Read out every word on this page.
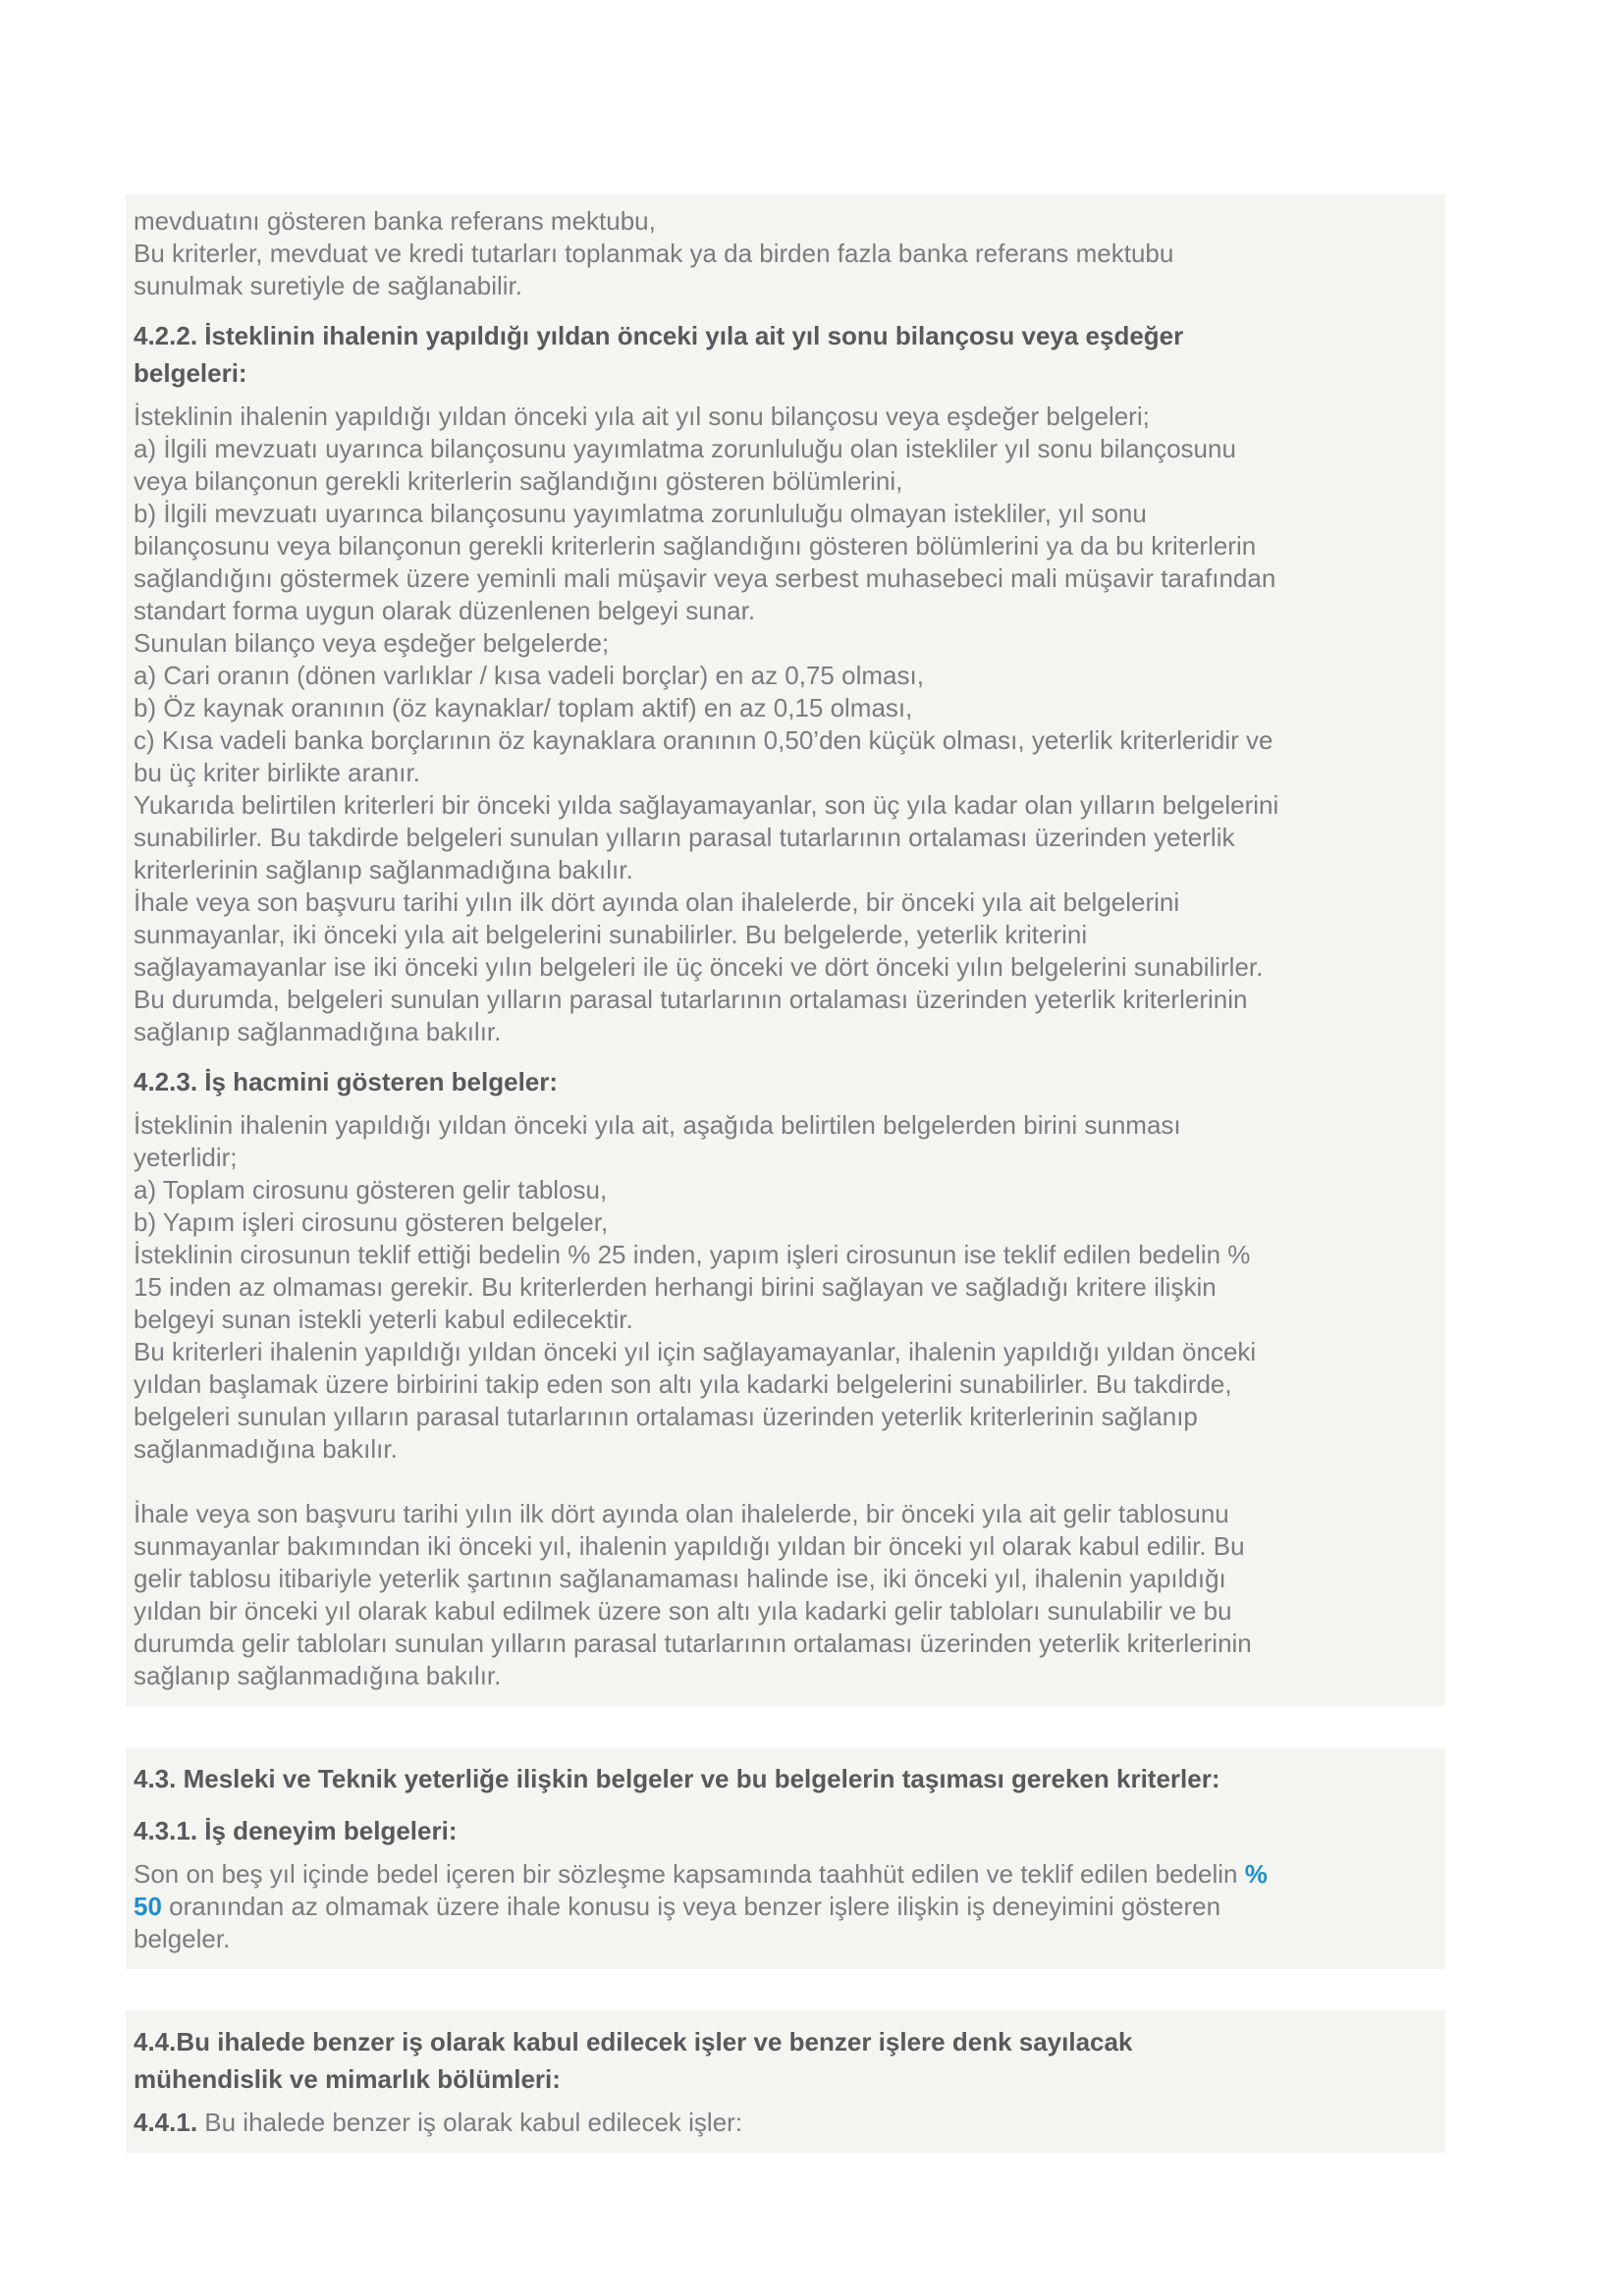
mevduatını gösteren banka referans mektubu,
Bu kriterler, mevduat ve kredi tutarları toplanmak ya da birden fazla banka referans mektubu
sunulmak suretiyle de sağlanabilir.
4.2.2. İsteklinin ihalenin yapıldığı yıldan önceki yıla ait yıl sonu bilançosu veya eşdeğer
belgeleri:
İsteklinin ihalenin yapıldığı yıldan önceki yıla ait yıl sonu bilançosu veya eşdeğer belgeleri;
a) İlgili mevzuatı uyarınca bilançosunu yayımlatma zorunluluğu olan istekliler yıl sonu bilançosunu
veya bilançonun gerekli kriterlerin sağlandığını gösteren bölümlerini,
b) İlgili mevzuatı uyarınca bilançosunu yayımlatma zorunluluğu olmayan istekliler, yıl sonu
bilançosunu veya bilançonun gerekli kriterlerin sağlandığını gösteren bölümlerini ya da bu kriterlerin
sağlandığını göstermek üzere yeminli mali müşavir veya serbest muhasebeci mali müşavir tarafından
standart forma uygun olarak düzenlenen belgeyi sunar.
Sunulan bilanço veya eşdeğer belgelerde;
a) Cari oranın (dönen varlıklar / kısa vadeli borçlar) en az 0,75 olması,
b) Öz kaynak oranının (öz kaynaklar/ toplam aktif) en az 0,15 olması,
c) Kısa vadeli banka borçlarının öz kaynaklara oranının 0,50’den küçük olması, yeterlik kriterleridir ve
bu üç kriter birlikte aranır.
Yukarıda belirtilen kriterleri bir önceki yılda sağlayamayanlar, son üç yıla kadar olan yılların belgelerini
sunabilirler. Bu takdirde belgeleri sunulan yılların parasal tutarlarının ortalaması üzerinden yeterlik
kriterlerinin sağlanıp sağlanmadığına bakılır.
İhale veya son başvuru tarihi yılın ilk dört ayında olan ihalelerde, bir önceki yıla ait belgelerini
sunmayanlar, iki önceki yıla ait belgelerini sunabilirler. Bu belgelerde, yeterlik kriterini
sağlayamayanlar ise iki önceki yılın belgeleri ile üç önceki ve dört önceki yılın belgelerini sunabilirler.
Bu durumda, belgeleri sunulan yılların parasal tutarlarının ortalaması üzerinden yeterlik kriterlerinin
sağlanıp sağlanmadığına bakılır.
4.2.3. İş hacmini gösteren belgeler:
İsteklinin ihalenin yapıldığı yıldan önceki yıla ait, aşağıda belirtilen belgelerden birini sunması
yeterlidir;
a) Toplam cirosunu gösteren gelir tablosu,
b) Yapım işleri cirosunu gösteren belgeler,
İsteklinin cirosunun teklif ettiği bedelin % 25 inden, yapım işleri cirosunun ise teklif edilen bedelin %
15 inden az olmaması gerekir. Bu kriterlerden herhangi birini sağlayan ve sağladığı kritere ilişkin
belgeyi sunan istekli yeterli kabul edilecektir.
Bu kriterleri ihalenin yapıldığı yıldan önceki yıl için sağlayamayanlar, ihalenin yapıldığı yıldan önceki
yıldan başlamak üzere birbirini takip eden son altı yıla kadarki belgelerini sunabilirler. Bu takdirde,
belgeleri sunulan yılların parasal tutarlarının ortalaması üzerinden yeterlik kriterlerinin sağlanıp
sağlanmadığına bakılır.
İhale veya son başvuru tarihi yılın ilk dört ayında olan ihalelerde, bir önceki yıla ait gelir tablosunu
sunmayanlar bakımından iki önceki yıl, ihalenin yapıldığı yıldan bir önceki yıl olarak kabul edilir. Bu
gelir tablosu itibariyle yeterlik şartının sağlanamaması halinde ise, iki önceki yıl, ihalenin yapıldığı
yıldan bir önceki yıl olarak kabul edilmek üzere son altı yıla kadarki gelir tabloları sunulabilir ve bu
durumda gelir tabloları sunulan yılların parasal tutarlarının ortalaması üzerinden yeterlik kriterlerinin
sağlanıp sağlanmadığına bakılır.
4.3. Mesleki ve Teknik yeterliğe ilişkin belgeler ve bu belgelerin taşıması gereken kriterler:
4.3.1. İş deneyim belgeleri:
Son on beş yıl içinde bedel içeren bir sözleşme kapsamında taahhüt edilen ve teklif edilen bedelin %
50 oranından az olmamak üzere ihale konusu iş veya benzer işlere ilişkin iş deneyimini gösteren
belgeler.
4.4.Bu ihalede benzer iş olarak kabul edilecek işler ve benzer işlere denk sayılacak
mühendislik ve mimarlık bölümleri:
4.4.1. Bu ihalede benzer iş olarak kabul edilecek işler:
